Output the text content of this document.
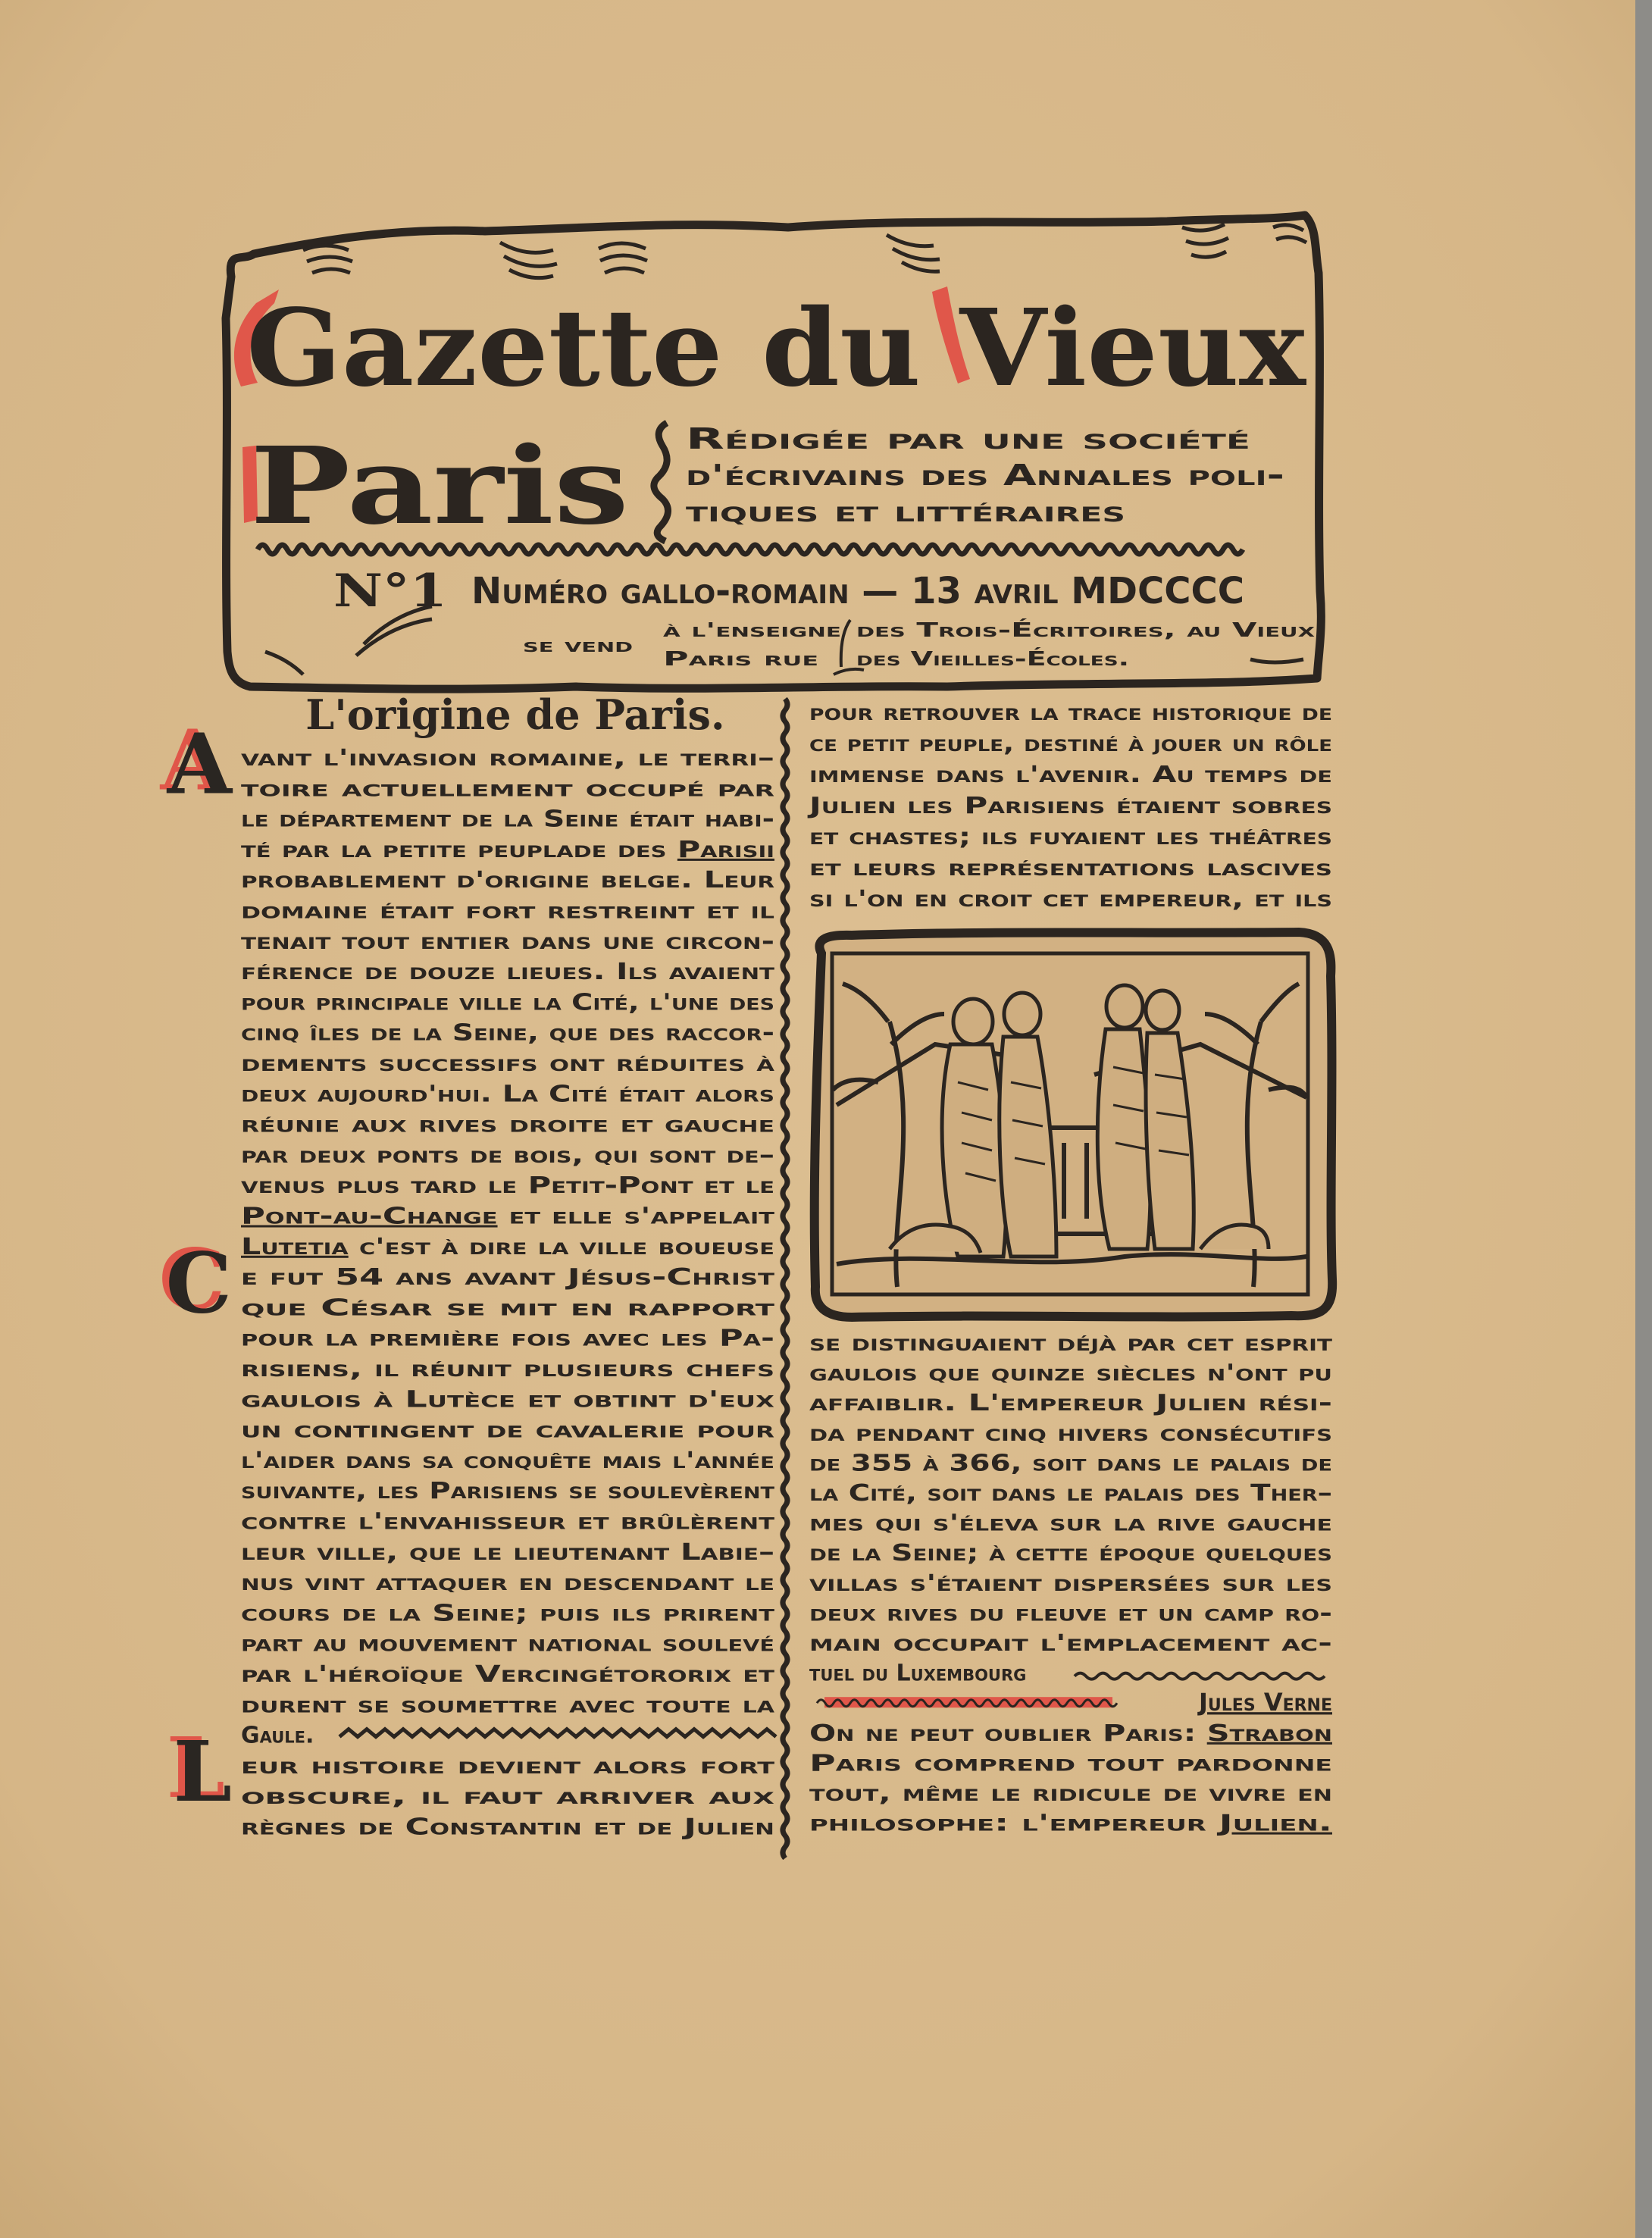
Gazette du Vieux
Paris Rédigée par une société
d'écrivains des Annales poli-
tiques et littéraires
N°1 Numéro gallo-romain — 13 avril MDCCCC
se vend
à l'enseigne des Trois-Écritoires, au Vieux
Paris rue des Vieilles-Écoles.
L'origine de Paris.
A vant l'invasion romaine, le terri–
toire actuellement occupé par
le département de la Seine était habi-
té par la petite peuplade des	Parisii
probablement d'origine belge. Leur
domaine était fort restreint et il
tenait tout entier dans une circon-
férence de douze lieues. Ils avaient
pour principale ville la Cité, l'une des
cinq îles de la Seine, que des raccor-
dements successifs ont réduites à
deux aujourd'hui. La Cité était alors
réunie aux rives droite et gauche
par deux ponts de bois, qui sont de–
venus plus tard le Petit-Pont et le
Pont-au-Change	et elle s'appelait
Lutetia c'est à dire la ville boueuse
C e fut 54 ans avant Jésus-Christ
que César se mit en rapport
pour la première fois avec les Pa-
risiens, il réunit plusieurs chefs
gaulois à Lutèce et obtint d'eux
un contingent de cavalerie pour
l'aider dans sa conquête mais l'année
suivante, les Parisiens se soulevèrent
contre l'envahisseur et brûlèrent
leur ville, que le lieutenant Labie–
nus vint attaquer en descendant le
cours de la Seine; puis ils prirent
part au mouvement national soulevé
par l'héroïque Vercingétororix et
durent se soumettre avec toute la
Gaule.
L eur histoire devient alors fort
obscure, il faut arriver aux
règnes de Constantin et de Julien
pour retrouver la trace historique de
ce petit peuple, destiné à jouer un rôle
immense dans l'avenir. Au temps de
Julien les Parisiens étaient sobres
et chastes; ils fuyaient les théâtres
et leurs représentations lascives
si l'on en croit cet empereur, et ils
se distinguaient déjà par cet esprit
gaulois que quinze siècles n'ont pu
affaiblir. L'empereur Julien rési-
da pendant cinq hivers consécutifs
de 355 à 366, soit dans le palais de
la Cité, soit dans le palais des Ther–
mes qui s'éleva sur la rive gauche
de la Seine; à cette époque quelques
villas s'étaient dispersées sur les
deux rives du fleuve et un camp ro-
main occupait l'emplacement ac-
tuel du Luxembourg
Jules Verne
On ne peut oublier Paris:	Strabon
Paris comprend tout pardonne
tout, même le ridicule de vivre en
philosophe: l'empereur	Julien.
